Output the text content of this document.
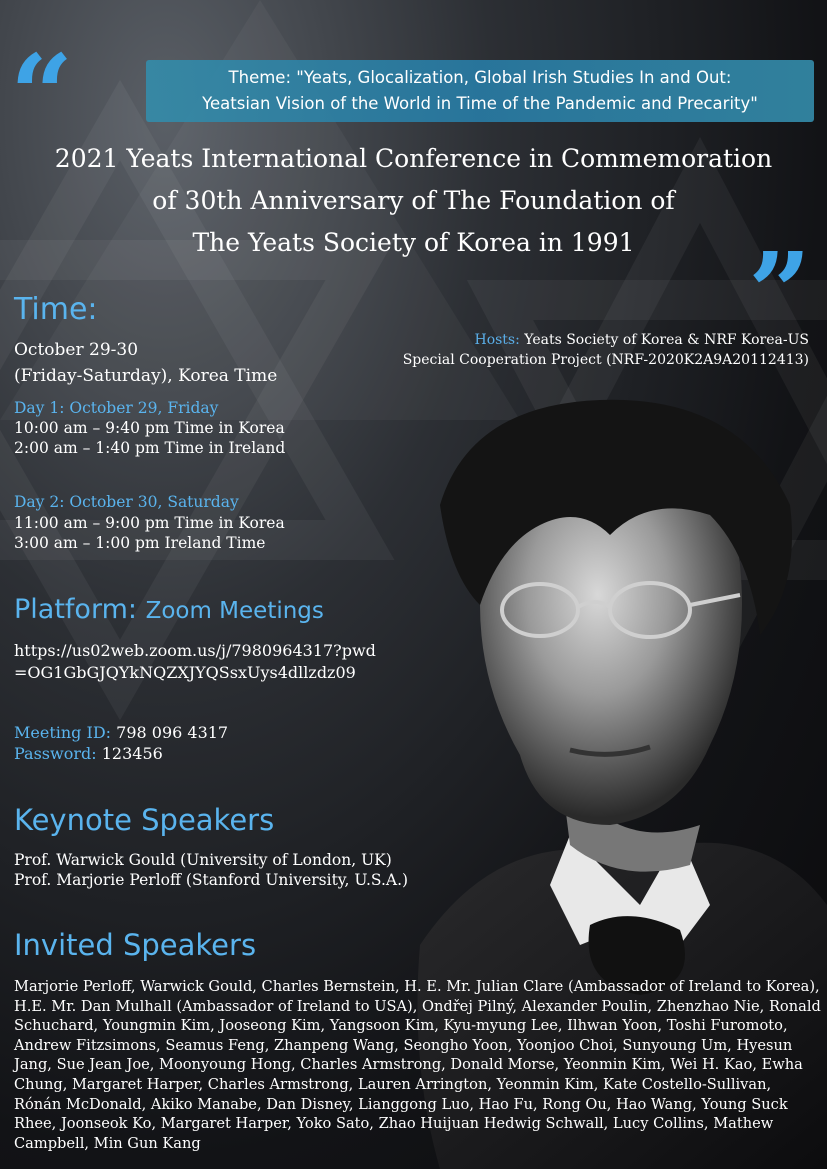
“
”
Theme: "Yeats, Glocalization, Global Irish Studies In and Out:
Yeatsian Vision of the World in Time of the Pandemic and Precarity"
2021 Yeats International Conference in Commemoration
of 30th Anniversary of The Foundation of
The Yeats Society of Korea in 1991
Hosts: Yeats Society of Korea & NRF Korea-US
Special Cooperation Project (NRF-2020K2A9A20112413)
Time:
October 29-30
(Friday-Saturday), Korea Time
Day 1: October 29, Friday
10:00 am – 9:40 pm Time in Korea
2:00 am – 1:40 pm Time in Ireland
Day 2: October 30, Saturday
11:00 am – 9:00 pm Time in Korea
3:00 am – 1:00 pm Ireland Time
Platform: Zoom Meetings
https://us02web.zoom.us/j/7980964317?pwd=OG1GbGJQYkNQZXJYQSsxUys4dllzdz09
Meeting ID: 798 096 4317
Password: 123456
Keynote Speakers
Prof. Warwick Gould (University of London, UK)
Prof. Marjorie Perloff (Stanford University, U.S.A.)
Invited Speakers
Marjorie Perloff, Warwick Gould, Charles Bernstein, H. E. Mr. Julian Clare (Ambassador of Ireland to Korea), H.E. Mr. Dan Mulhall (Ambassador of Ireland to USA), Ondřej Pilný, Alexander Poulin, Zhenzhao Nie, Ronald Schuchard, Youngmin Kim, Jooseong Kim, Yangsoon Kim, Kyu-myung Lee, Ilhwan Yoon, Toshi Furomoto, Andrew Fitzsimons, Seamus Feng, Zhanpeng Wang, Seongho Yoon, Yoonjoo Choi, Sunyoung Um, Hyesun Jang, Sue Jean Joe, Moonyoung Hong, Charles Armstrong, Donald Morse, Yeonmin Kim, Wei H. Kao, Ewha Chung, Margaret Harper, Charles Armstrong, Lauren Arrington, Yeonmin Kim, Kate Costello-Sullivan, Rónán McDonald, Akiko Manabe, Dan Disney, Lianggong Luo, Hao Fu, Rong Ou, Hao Wang, Young Suck Rhee, Joonseok Ko, Margaret Harper, Yoko Sato, Zhao Huijuan Hedwig Schwall, Lucy Collins, Mathew Campbell, Min Gun Kang
